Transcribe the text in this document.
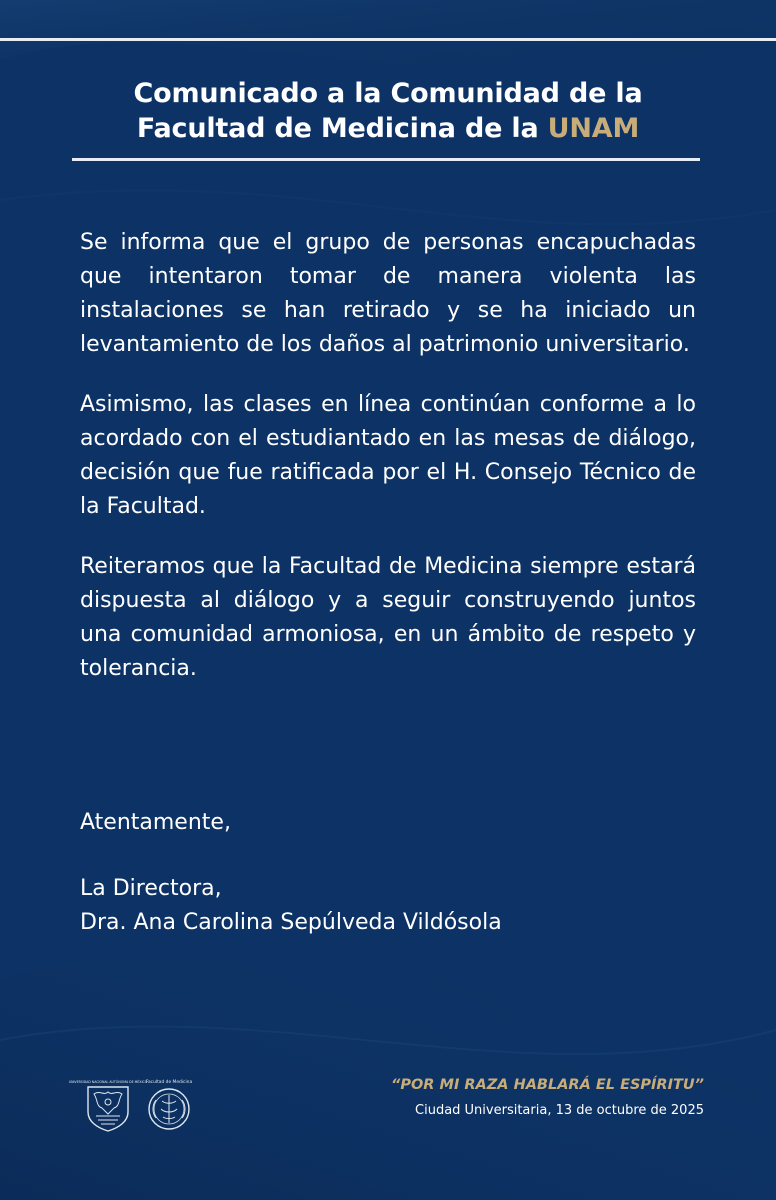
Comunicado a la Comunidad de la
Facultad de Medicina de la UNAM

Se informa que el grupo de personas encapuchadas que intentaron tomar de manera violenta las instalaciones se han retirado y se ha iniciado un levantamiento de los daños al patrimonio universitario.

Asimismo, las clases en línea continúan conforme a lo acordado con el estudiantado en las mesas de diálogo, decisión que fue ratificada por el H. Consejo Técnico de la Facultad.

Reiteramos que la Facultad de Medicina siempre estará dispuesta al diálogo y a seguir construyendo juntos una comunidad armoniosa, en un ámbito de respeto y tolerancia.

Atentamente,
La Directora,
Dra. Ana Carolina Sepúlveda Vildósola
UNIVERSIDAD NACIONAL AUTÓNOMA DE MÉXICO
Facultad de Medicina	“POR MI RAZA HABLARÁ EL ESPÍRITU”
Ciudad Universitaria, 13 de octubre de 2025
